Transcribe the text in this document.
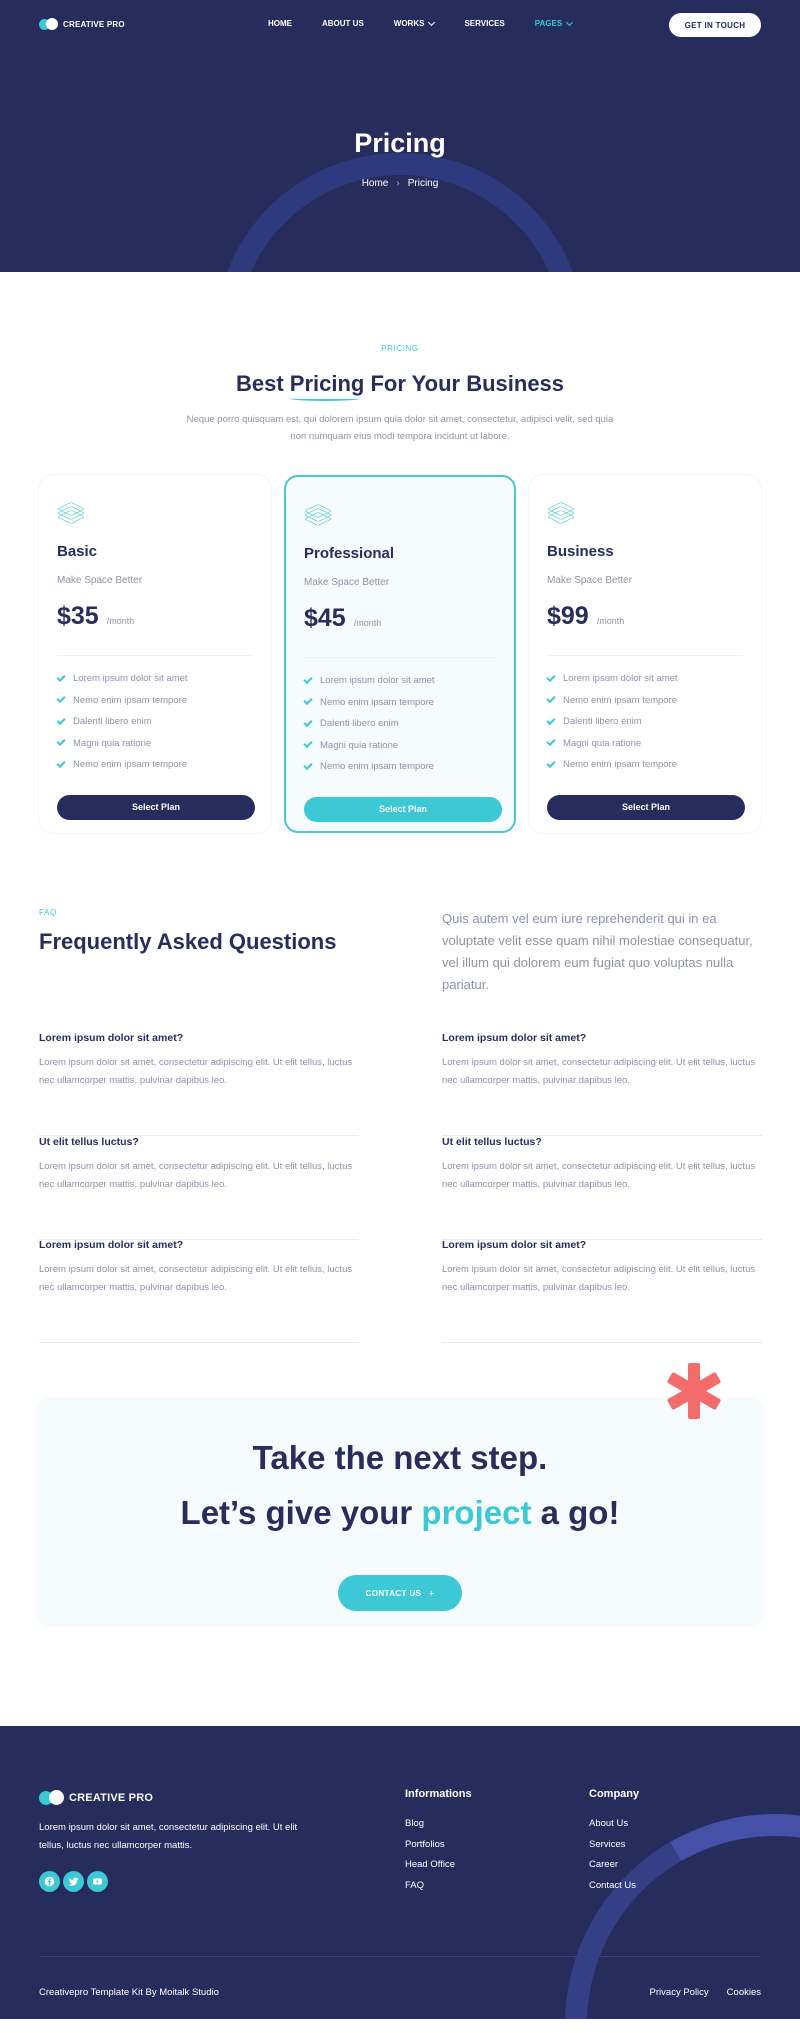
CREATIVE PRO	HOME	ABOUT US	WORKS	SERVICES	PAGES	GET IN TOUCH
Pricing
Home › Pricing
PRICING
Best Pricing For Your Business

Neque porro quisquam est, qui dolorem ipsum quia dolor sit amet, consectetur, adipisci velit, sed quia non numquam eius modi tempora incidunt ut labore.

Basic
Make Space Better
$35 /month
Lorem ipsum dolor sit amet
Nemo enim ipsam tempore
Dalenti libero enim
Magni quia ratione
Nemo enim ipsam tempore
Select Plan
Professional
Make Space Better
$45 /month
Lorem ipsum dolor sit amet
Nemo enim ipsam tempore
Dalenti libero enim
Magni quia ratione
Nemo enim ipsam tempore
Select Plan
Business
Make Space Better
$99 /month
Lorem ipsum dolor sit amet
Nemo enim ipsam tempore
Dalenti libero enim
Magni quia ratione
Nemo enim ipsam tempore
Select Plan
FAQ
Frequently Asked Questions

Quis autem vel eum iure reprehenderit qui in ea voluptate velit esse quam nihil molestiae consequatur, vel illum qui dolorem eum fugiat quo voluptas nulla pariatur.

Lorem ipsum dolor sit amet?
Lorem ipsum dolor sit amet, consectetur adipiscing elit. Ut elit tellus, luctus nec ullamcorper mattis, pulvinar dapibus leo.
Lorem ipsum dolor sit amet?
Lorem ipsum dolor sit amet, consectetur adipiscing elit. Ut elit tellus, luctus nec ullamcorper mattis, pulvinar dapibus leo.
Ut elit tellus luctus?
Lorem ipsum dolor sit amet, consectetur adipiscing elit. Ut elit tellus, luctus nec ullamcorper mattis, pulvinar dapibus leo.
Ut elit tellus luctus?
Lorem ipsum dolor sit amet, consectetur adipiscing elit. Ut elit tellus, luctus nec ullamcorper mattis, pulvinar dapibus leo.
Lorem ipsum dolor sit amet?
Lorem ipsum dolor sit amet, consectetur adipiscing elit. Ut elit tellus, luctus nec ullamcorper mattis, pulvinar dapibus leo.
Lorem ipsum dolor sit amet?
Lorem ipsum dolor sit amet, consectetur adipiscing elit. Ut elit tellus, luctus nec ullamcorper mattis, pulvinar dapibus leo.
Take the next step.
Let’s give your project a go!
CONTACT US +
CREATIVE PRO

Lorem ipsum dolor sit amet, consectetur adipiscing elit. Ut elit tellus, luctus nec ullamcorper mattis.

Informations
Blog
Portfolios
Head Office
FAQ
Company
About Us
Services
Career
Contact Us
Creativepro Template Kit By Moitalk Studio	Privacy Policy Cookies
